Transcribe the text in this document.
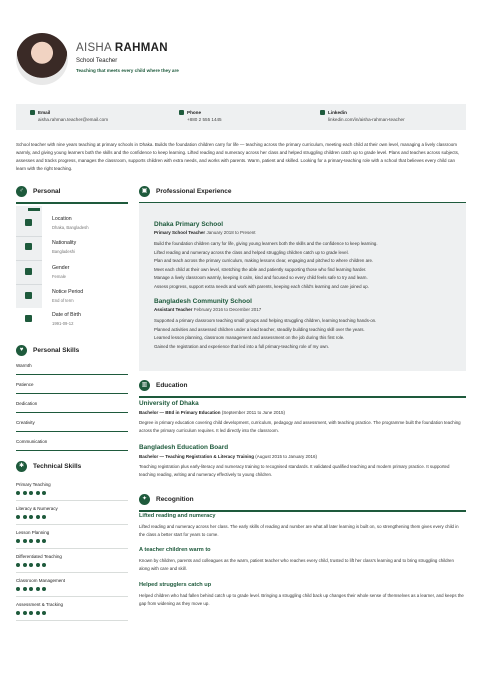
AISHA RAHMAN
School Teacher
Teaching that meets every child where they are
Email
aisha.rahman.teacher@email.com
Phone
+880 2 555 1445
Linkedin
linkedin.com/in/aisha-rahman-teacher
School teacher with nine years teaching at primary schools in Dhaka. Builds the foundation children carry for life — teaching across the primary curriculum, meeting each child at their own level, managing a lively classroom warmly, and giving young learners both the skills and the confidence to keep learning. Lifted reading and numeracy across her class and helped struggling children catch up to grade level. Plans and teaches across subjects, assesses and tracks progress, manages the classroom, supports children with extra needs, and works with parents. Warm, patient and skilled. Looking for a primary-teaching role with a school that believes every child can learn with the right teaching.
♂	Personal
Location
Dhaka, Bangladesh
Nationality
Bangladeshi
Gender
Female
Notice Period
End of term
Date of Birth
1991-09-12
♥	Personal Skills
Warmth
Patience
Dedication
Creativity
Communication
✱	Technical Skills
Primary Teaching
Literacy & Numeracy
Lesson Planning
Differentiated Teaching
Classroom Management
Assessment & Tracking
▣	Professional Experience
Dhaka Primary School
Primary School Teacher January 2018 to Present
Build the foundation children carry for life, giving young learners both the skills and the confidence to keep learning.
Lifted reading and numeracy across the class and helped struggling children catch up to grade level.
Plan and teach across the primary curriculum, making lessons clear, engaging and pitched to where children are.
Meet each child at their own level, stretching the able and patiently supporting those who find learning harder.
Manage a lively classroom warmly, keeping it calm, kind and focused so every child feels safe to try and learn.
Assess progress, support extra needs and work with parents, keeping each child's learning and care joined up.
Bangladesh Community School
Assistant Teacher February 2016 to December 2017
Supported a primary classroom teaching small groups and helping struggling children, learning teaching hands-on.
Planned activities and assessed children under a lead teacher, steadily building teaching skill over the years.
Learned lesson planning, classroom management and assessment on the job during this first role.
Gained the registration and experience that led into a full primary-teaching role of my own.
▥	Education
University of Dhaka
Bachelor — BEd in Primary Education (September 2011 to June 2015)
Degree in primary education covering child development, curriculum, pedagogy and assessment, with teaching practice. The programme built the foundation teaching across the primary curriculum requires. It led directly into the classroom.
Bangladesh Education Board
Bachelor — Teaching Registration & Literacy Training (August 2015 to January 2016)
Teaching registration plus early-literacy and numeracy training to recognised standards. It validated qualified teaching and modern primary practice. It supported teaching reading, writing and numeracy effectively to young children.
✦	Recognition
Lifted reading and numeracy
Lifted reading and numeracy across her class. The early skills of reading and number are what all later learning is built on, so strengthening them gives every child in the class a better start for years to come.
A teacher children warm to
Known by children, parents and colleagues as the warm, patient teacher who reaches every child, trusted to lift her class's learning and to bring struggling children along with care and skill.
Helped strugglers catch up
Helped children who had fallen behind catch up to grade level. Bringing a struggling child back up changes their whole sense of themselves as a learner, and keeps the gap from widening as they move up.
